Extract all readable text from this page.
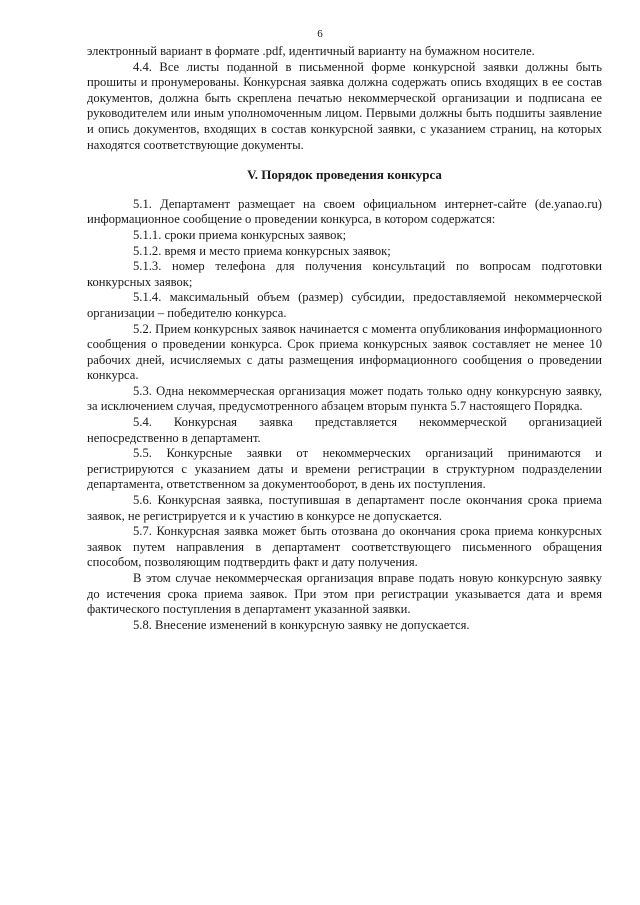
6

электронный вариант в формате .pdf, идентичный варианту на бумажном носителе.

4.4. Все листы поданной в письменной форме конкурсной заявки должны быть прошиты и пронумерованы. Конкурсная заявка должна содержать опись входящих в ее состав документов, должна быть скреплена печатью некоммерческой организации и подписана ее руководителем или иным уполномоченным лицом. Первыми должны быть подшиты заявление и опись документов, входящих в состав конкурсной заявки, с указанием страниц, на которых находятся соответствующие документы.

V. Порядок проведения конкурса

5.1. Департамент размещает на своем официальном интернет-сайте (de.yanao.ru) информационное сообщение о проведении конкурса, в котором содержатся:

5.1.1. сроки приема конкурсных заявок;

5.1.2. время и место приема конкурсных заявок;

5.1.3. номер телефона для получения консультаций по вопросам подготовки конкурсных заявок;

5.1.4. максимальный объем (размер) субсидии, предоставляемой некоммерческой организации – победителю конкурса.

5.2. Прием конкурсных заявок начинается с момента опубликования информационного сообщения о проведении конкурса. Срок приема конкурсных заявок составляет не менее 10 рабочих дней, исчисляемых с даты размещения информационного сообщения о проведении конкурса.

5.3. Одна некоммерческая организация может подать только одну конкурсную заявку, за исключением случая, предусмотренного абзацем вторым пункта 5.7 настоящего Порядка.

5.4. Конкурсная заявка представляется некоммерческой организацией непосредственно в департамент.

5.5. Конкурсные заявки от некоммерческих организаций принимаются и регистрируются с указанием даты и времени регистрации в структурном подразделении департамента, ответственном за документооборот, в день их поступления.

5.6. Конкурсная заявка, поступившая в департамент после окончания срока приема заявок, не регистрируется и к участию в конкурсе не допускается.

5.7. Конкурсная заявка может быть отозвана до окончания срока приема конкурсных заявок путем направления в департамент соответствующего письменного обращения способом, позволяющим подтвердить факт и дату получения.

В этом случае некоммерческая организация вправе подать новую конкурсную заявку до истечения срока приема заявок. При этом при регистрации указывается дата и время фактического поступления в департамент указанной заявки.

5.8. Внесение изменений в конкурсную заявку не допускается.
